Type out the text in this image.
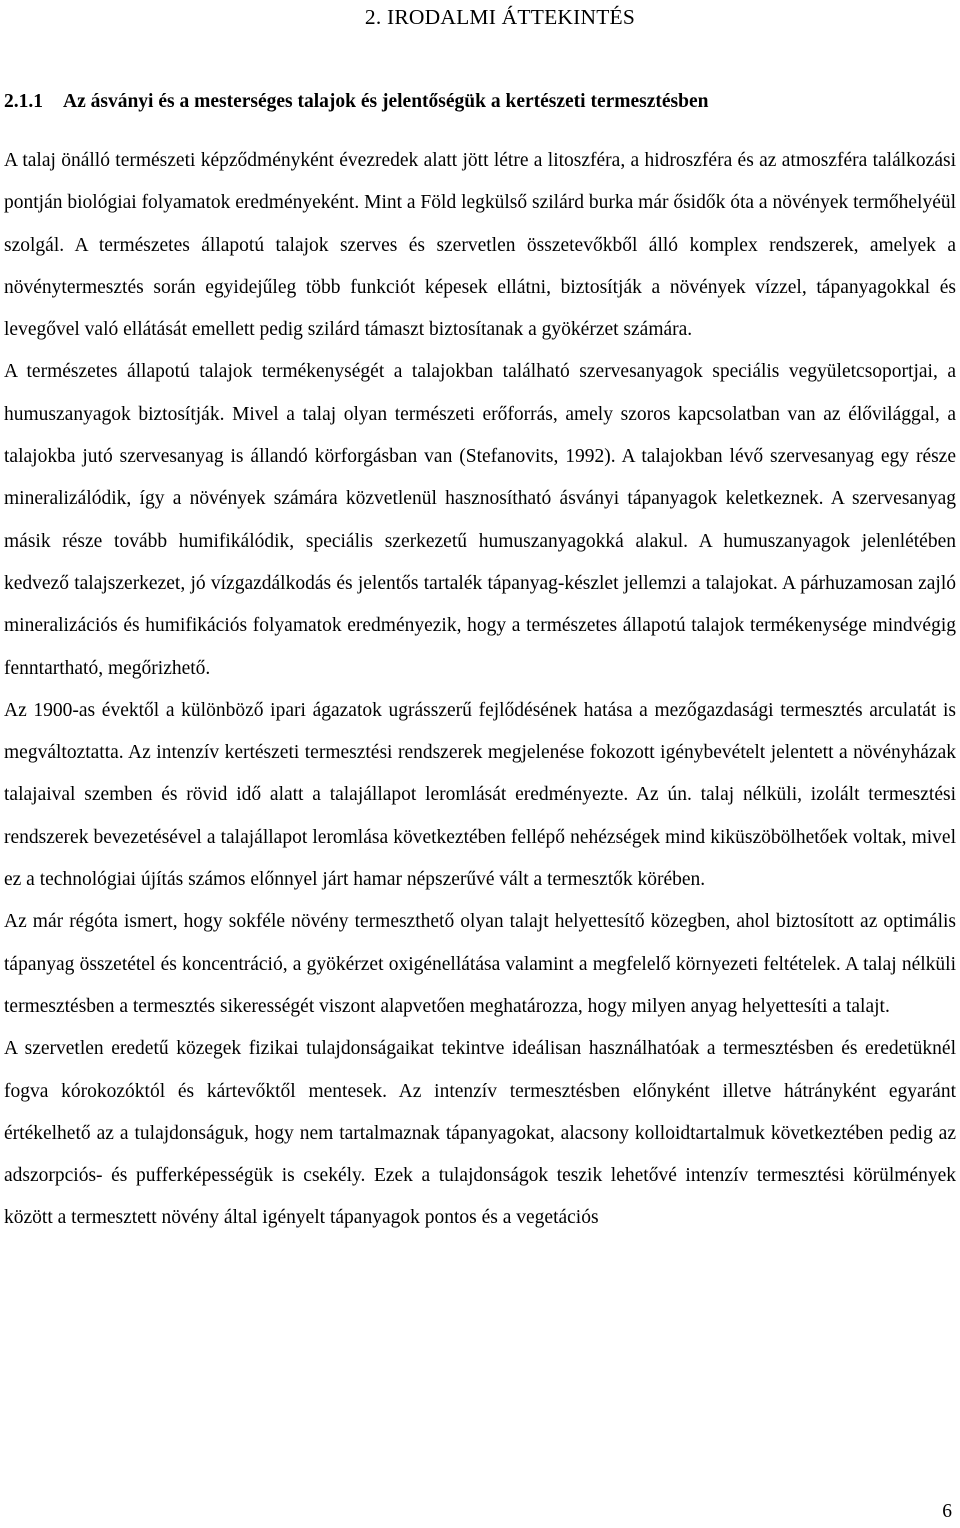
2. IRODALMI ÁTTEKINTÉS
2.1.1 Az ásványi és a mesterséges talajok és jelentőségük a kertészeti termesztésben

A talaj önálló természeti képződményként évezredek alatt jött létre a litoszféra, a hidroszféra és az atmoszféra találkozási pontján biológiai folyamatok eredményeként. Mint a Föld legkülső szilárd burka már ősidők óta a növények termőhelyéül szolgál. A természetes állapotú talajok szerves és szervetlen összetevőkből álló komplex rendszerek, amelyek a növénytermesztés során egyidejűleg több funkciót képesek ellátni, biztosítják a növények vízzel, tápanyagokkal és levegővel való ellátását emellett pedig szilárd támaszt biztosítanak a gyökérzet számára.

A természetes állapotú talajok termékenységét a talajokban található szervesanyagok speciális vegyületcsoportjai, a humuszanyagok biztosítják. Mivel a talaj olyan természeti erőforrás, amely szoros kapcsolatban van az élővilággal, a talajokba jutó szervesanyag is állandó körforgásban van (Stefanovits, 1992). A talajokban lévő szervesanyag egy része mineralizálódik, így a növények számára közvetlenül hasznosítható ásványi tápanyagok keletkeznek. A szervesanyag másik része tovább humifikálódik, speciális szerkezetű humuszanyagokká alakul. A humuszanyagok jelenlétében kedvező talajszerkezet, jó vízgazdálkodás és jelentős tartalék tápanyag-készlet jellemzi a talajokat. A párhuzamosan zajló mineralizációs és humifikációs folyamatok eredményezik, hogy a természetes állapotú talajok termékenysége mindvégig fenntartható, megőrizhető.

Az 1900-as évektől a különböző ipari ágazatok ugrásszerű fejlődésének hatása a mezőgazdasági termesztés arculatát is megváltoztatta. Az intenzív kertészeti termesztési rendszerek megjelenése fokozott igénybevételt jelentett a növényházak talajaival szemben és rövid idő alatt a talajállapot leromlását eredményezte. Az ún. talaj nélküli, izolált termesztési rendszerek bevezetésével a talajállapot leromlása következtében fellépő nehézségek mind kiküszöbölhetőek voltak, mivel ez a technológiai újítás számos előnnyel járt hamar népszerűvé vált a termesztők körében.

Az már régóta ismert, hogy sokféle növény termeszthető olyan talajt helyettesítő közegben, ahol biztosított az optimális tápanyag összetétel és koncentráció, a gyökérzet oxigénellátása valamint a megfelelő környezeti feltételek. A talaj nélküli termesztésben a termesztés sikerességét viszont alapvetően meghatározza, hogy milyen anyag helyettesíti a talajt.

A szervetlen eredetű közegek fizikai tulajdonságaikat tekintve ideálisan használhatóak a termesztésben és eredetüknél fogva kórokozóktól és kártevőktől mentesek. Az intenzív termesztésben előnyként illetve hátrányként egyaránt értékelhető az a tulajdonságuk, hogy nem tartalmaznak tápanyagokat, alacsony kolloidtartalmuk következtében pedig az adszorpciós- és pufferképességük is csekély. Ezek a tulajdonságok teszik lehetővé intenzív termesztési körülmények között a termesztett növény által igényelt tápanyagok pontos és a vegetációs

6
